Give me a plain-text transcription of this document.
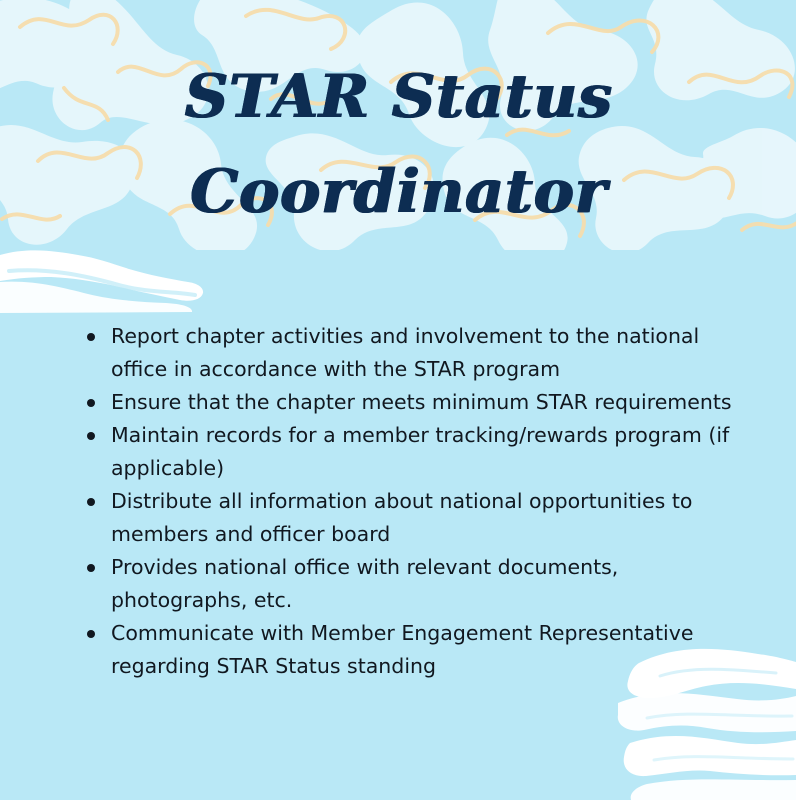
STAR Status
Coordinator
Report chapter activities and involvement to the national office in accordance with the STAR program
Ensure that the chapter meets minimum STAR requirements
Maintain records for a member tracking/rewards program (if applicable)
Distribute all information about national opportunities to members and officer board
Provides national office with relevant documents, photographs, etc.
Communicate with Member Engagement Representative regarding STAR Status standing
